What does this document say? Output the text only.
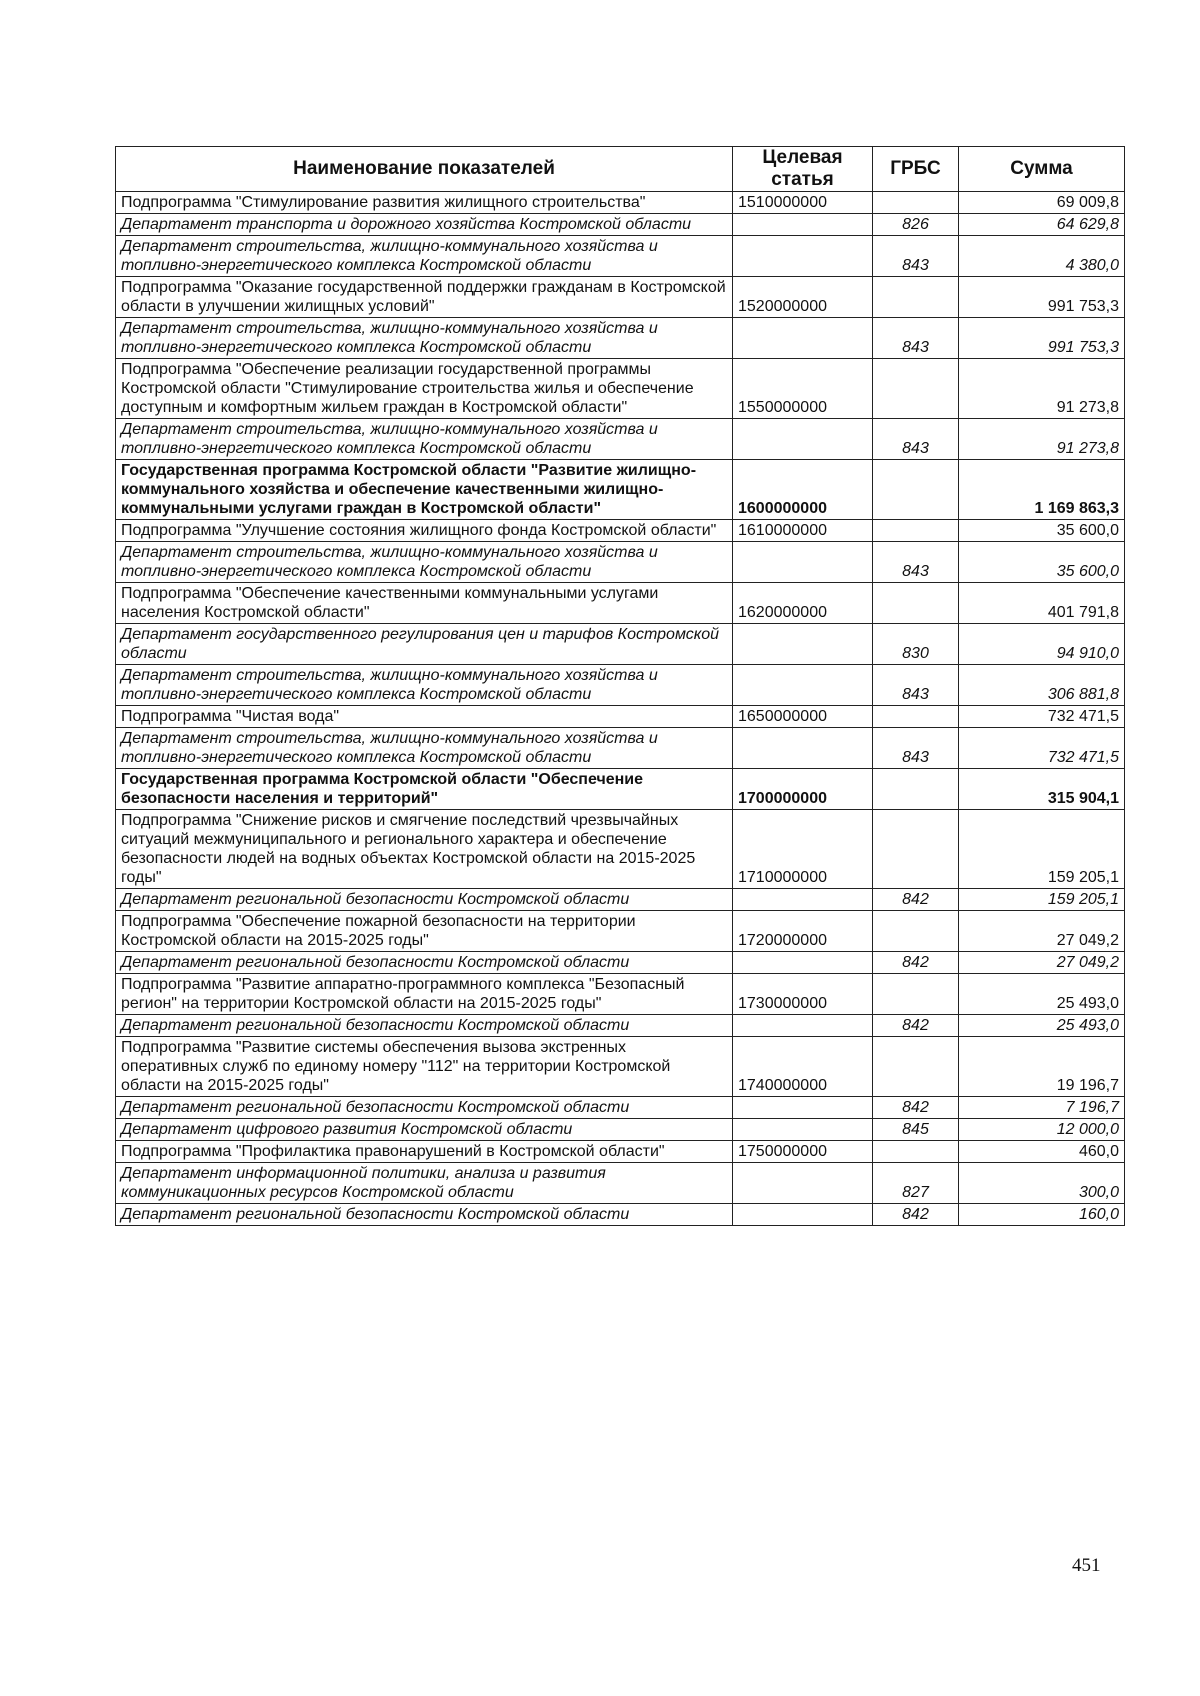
Наименование показателей	Целевая статья	ГРБС	Сумма
Подпрограмма "Стимулирование развития жилищного строительства"	1510000000		69 009,8
Департамент транспорта и дорожного хозяйства Костромской области		826	64 629,8
Департамент строительства, жилищно-коммунального хозяйства и топливно-энергетического комплекса Костромской области		843	4 380,0
Подпрограмма "Оказание государственной поддержки гражданам в Костромской области в улучшении жилищных условий"	1520000000		991 753,3
Департамент строительства, жилищно-коммунального хозяйства и топливно-энергетического комплекса Костромской области		843	991 753,3
Подпрограмма "Обеспечение реализации государственной программы Костромской области "Стимулирование строительства жилья и обеспечение доступным и комфортным жильем граждан в Костромской области"	1550000000		91 273,8
Департамент строительства, жилищно-коммунального хозяйства и топливно-энергетического комплекса Костромской области		843	91 273,8
Государственная программа Костромской области "Развитие жилищно-коммунального хозяйства и обеспечение качественными жилищно-коммунальными услугами граждан в Костромской области"	1600000000		1 169 863,3
Подпрограмма "Улучшение состояния жилищного фонда Костромской области"	1610000000		35 600,0
Департамент строительства, жилищно-коммунального хозяйства и топливно-энергетического комплекса Костромской области		843	35 600,0
Подпрограмма "Обеспечение качественными коммунальными услугами населения Костромской области"	1620000000		401 791,8
Департамент государственного регулирования цен и тарифов Костромской области		830	94 910,0
Департамент строительства, жилищно-коммунального хозяйства и топливно-энергетического комплекса Костромской области		843	306 881,8
Подпрограмма "Чистая вода"	1650000000		732 471,5
Департамент строительства, жилищно-коммунального хозяйства и топливно-энергетического комплекса Костромской области		843	732 471,5
Государственная программа Костромской области "Обеспечение безопасности населения и территорий"	1700000000		315 904,1
Подпрограмма "Снижение рисков и смягчение последствий чрезвычайных ситуаций межмуниципального и регионального характера и обеспечение безопасности людей на водных объектах Костромской области на 2015-2025 годы"	1710000000		159 205,1
Департамент региональной безопасности Костромской области		842	159 205,1
Подпрограмма "Обеспечение пожарной безопасности на территории Костромской области на 2015-2025 годы"	1720000000		27 049,2
Департамент региональной безопасности Костромской области		842	27 049,2
Подпрограмма "Развитие аппаратно-программного комплекса "Безопасный регион" на территории Костромской области на 2015-2025 годы"	1730000000		25 493,0
Департамент региональной безопасности Костромской области		842	25 493,0
Подпрограмма "Развитие системы обеспечения вызова экстренных оперативных служб по единому номеру "112" на территории Костромской области на 2015-2025 годы"	1740000000		19 196,7
Департамент региональной безопасности Костромской области		842	7 196,7
Департамент цифрового развития Костромской области		845	12 000,0
Подпрограмма "Профилактика правонарушений в Костромской области"	1750000000		460,0
Департамент информационной политики, анализа и развития коммуникационных ресурсов Костромской области		827	300,0
Департамент региональной безопасности Костромской области		842	160,0
451
